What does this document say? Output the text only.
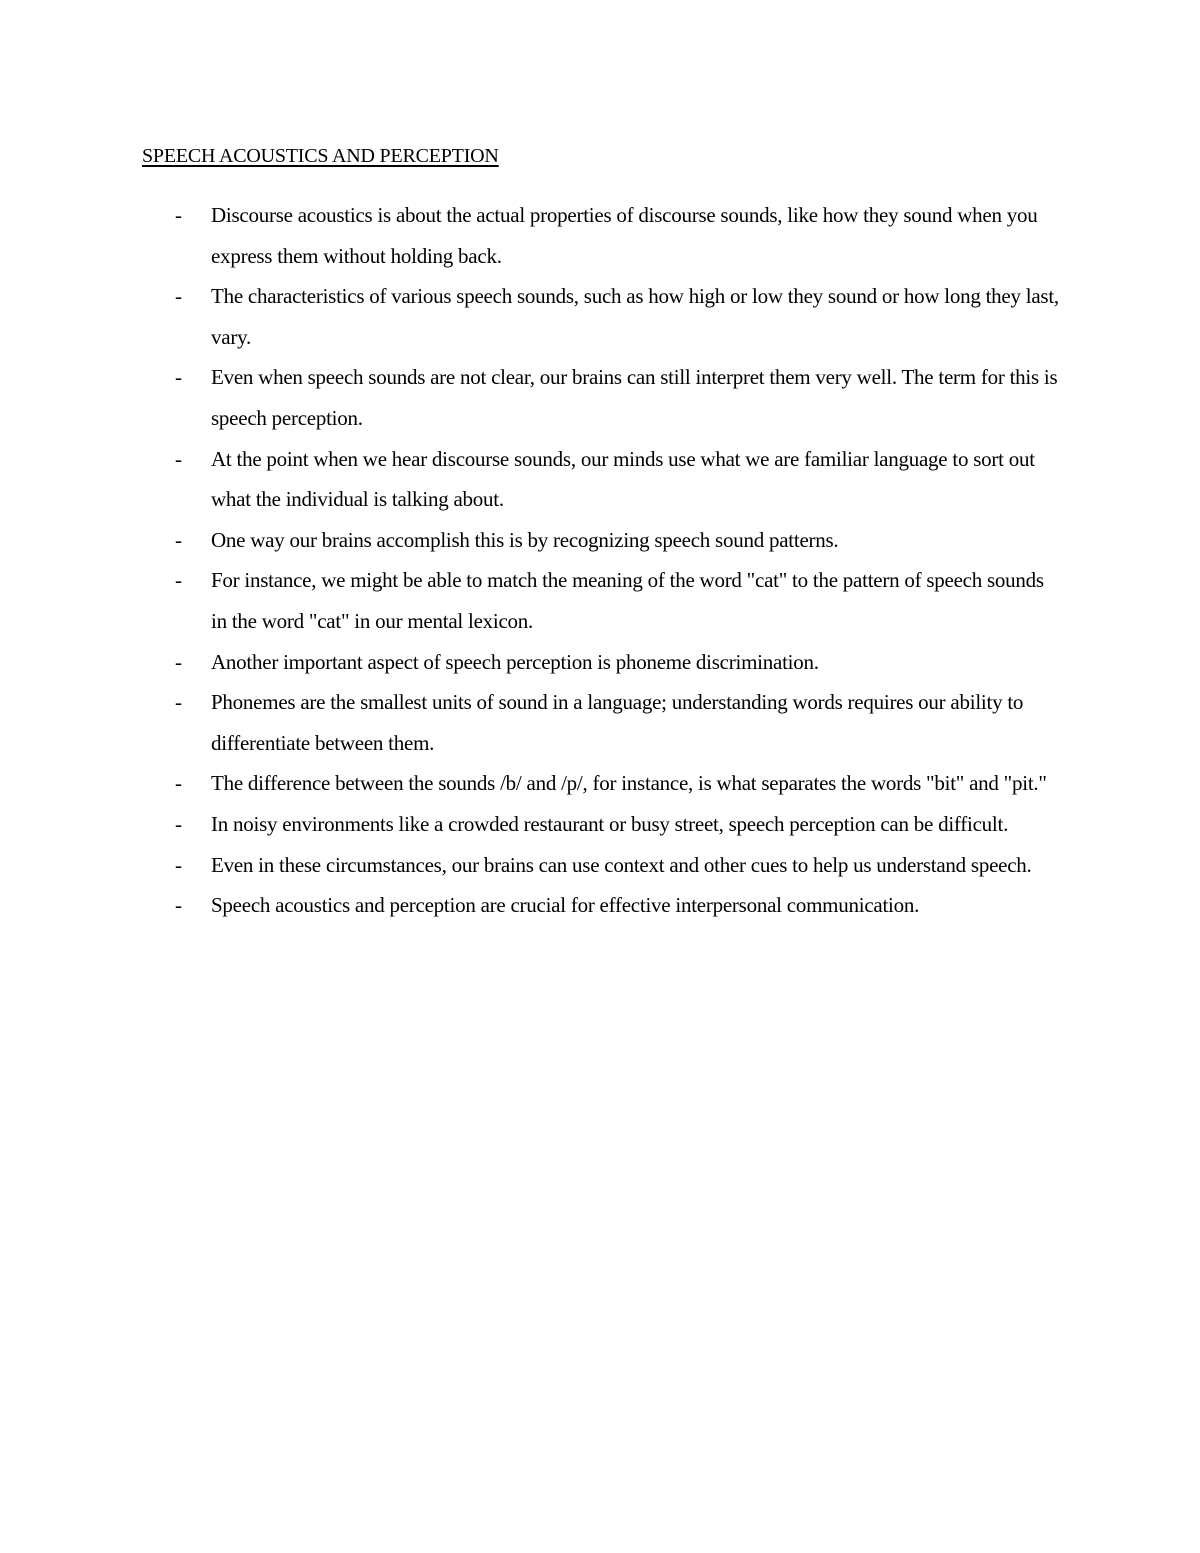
SPEECH ACOUSTICS AND PERCEPTION
- Discourse acoustics is about the actual properties of discourse sounds, like how they sound when you express them without holding back.
- The characteristics of various speech sounds, such as how high or low they sound or how long they last, vary.
- Even when speech sounds are not clear, our brains can still interpret them very well. The term for this is speech perception.
- At the point when we hear discourse sounds, our minds use what we are familiar language to sort out what the individual is talking about.
- One way our brains accomplish this is by recognizing speech sound patterns.
- For instance, we might be able to match the meaning of the word "cat" to the pattern of speech sounds in the word "cat" in our mental lexicon.
- Another important aspect of speech perception is phoneme discrimination.
- Phonemes are the smallest units of sound in a language; understanding words requires our ability to differentiate between them.
- The difference between the sounds /b/ and /p/, for instance, is what separates the words "bit" and "pit."
- In noisy environments like a crowded restaurant or busy street, speech perception can be difficult.
- Even in these circumstances, our brains can use context and other cues to help us understand speech.
- Speech acoustics and perception are crucial for effective interpersonal communication.
